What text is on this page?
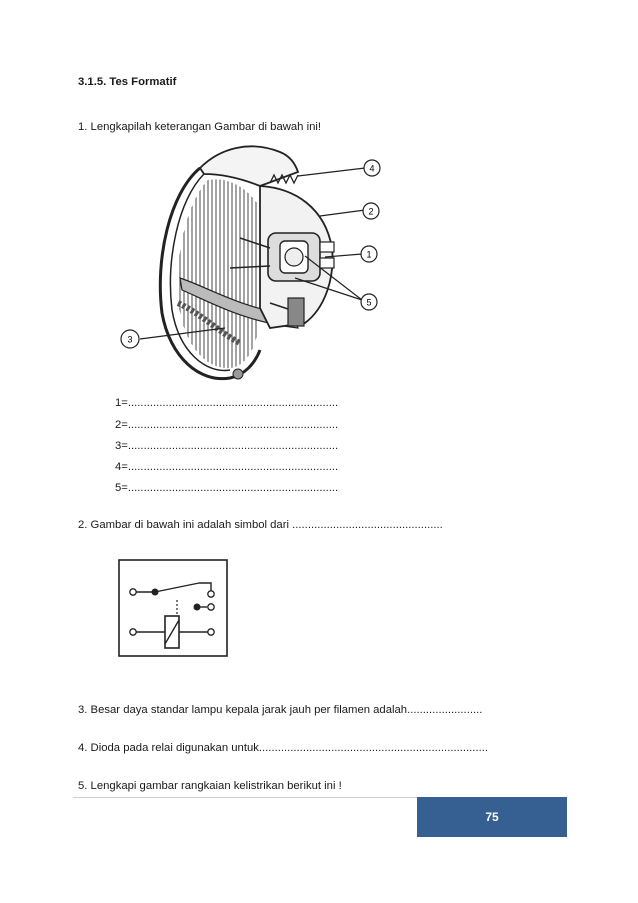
3.1.5. Tes Formatif
1. Lengkapilah keterangan Gambar di bawah ini!
4
2
1
3
5
1=...................................................................
2=...................................................................
3=...................................................................
4=...................................................................
5=...................................................................
2. Gambar di bawah ini adalah simbol dari ................................................
3. Besar daya standar lampu kepala jarak jauh per filamen adalah........................
4. Dioda pada relai digunakan untuk.........................................................................
5. Lengkapi gambar rangkaian kelistrikan berikut ini !
75
